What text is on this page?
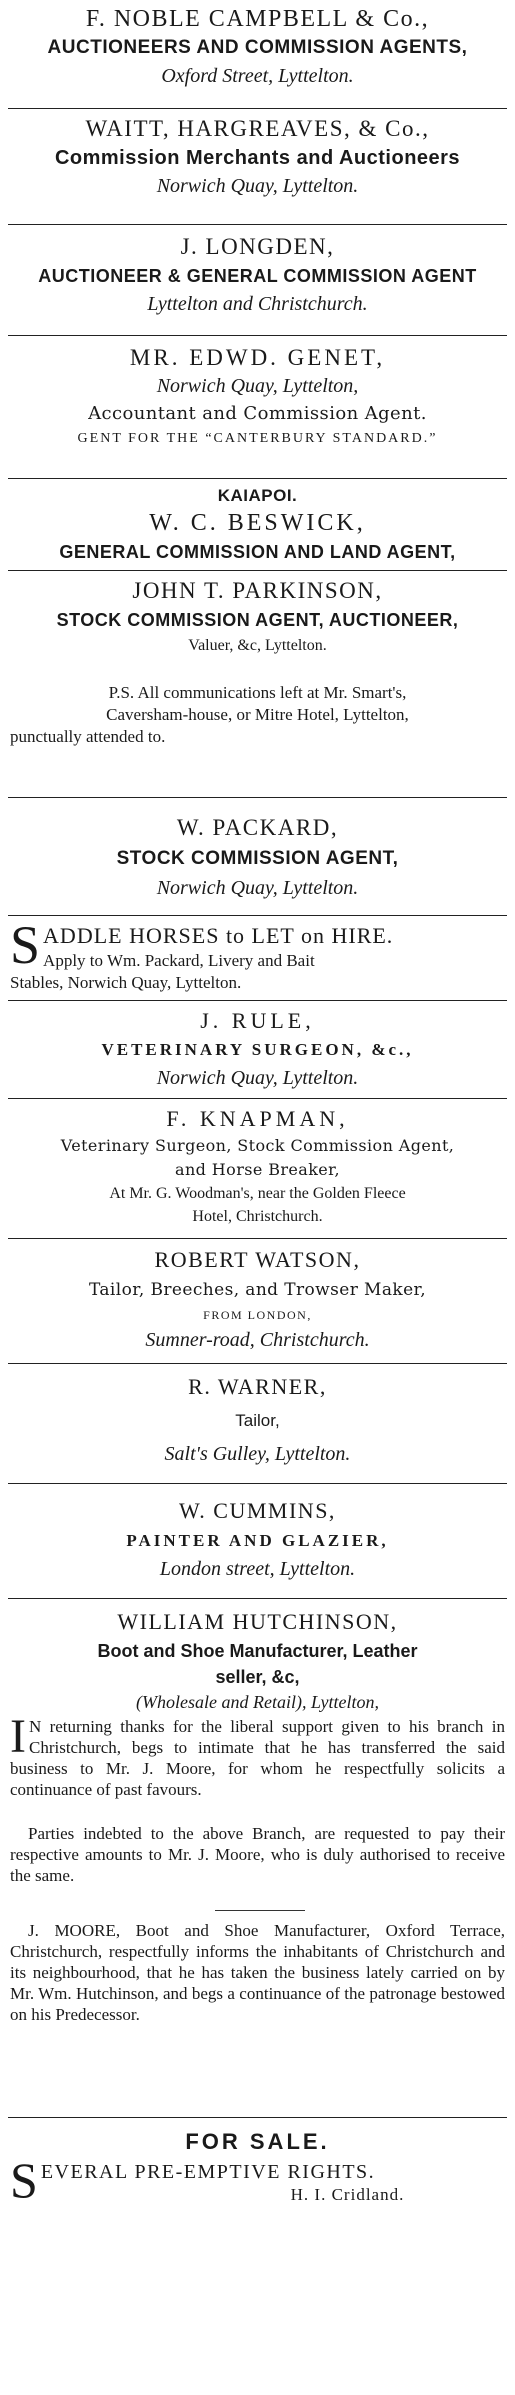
F. NOBLE CAMPBELL & Co.,
AUCTIONEERS AND COMMISSION AGENTS,
Oxford Street, Lyttelton.
WAITT, HARGREAVES, & Co.,
Commission Merchants and Auctioneers
Norwich Quay, Lyttelton.
J. LONGDEN,
AUCTIONEER & GENERAL COMMISSION AGENT
Lyttelton and Christchurch.
MR. EDWD. GENET,
Norwich Quay, Lyttelton,
Accountant and Commission Agent.
GENT FOR THE “CANTERBURY STANDARD.”
KAIAPOI.
W. C. BESWICK,
GENERAL COMMISSION AND LAND AGENT,
JOHN T. PARKINSON,
STOCK COMMISSION AGENT, AUCTIONEER,
Valuer, &c, Lyttelton.
P.S. All communications left at Mr. Smart's,
Caversham-house, or Mitre Hotel, Lyttelton,
punctually attended to.
W. PACKARD,
STOCK COMMISSION AGENT,
Norwich Quay, Lyttelton.
S ADDLE HORSES to LET on HIRE.
Apply to Wm. Packard, Livery and Bait
Stables, Norwich Quay, Lyttelton.
J. RULE,
VETERINARY SURGEON, &c.,
Norwich Quay, Lyttelton.
F. KNAPMAN,
Veterinary Surgeon, Stock Commission Agent,
and Horse Breaker,
At Mr. G. Woodman's, near the Golden Fleece
Hotel, Christchurch.
ROBERT WATSON,
Tailor, Breeches, and Trowser Maker,
FROM LONDON,
Sumner-road, Christchurch.
R. WARNER,
Tailor,
Salt's Gulley, Lyttelton.
W. CUMMINS,
PAINTER AND GLAZIER,
London street, Lyttelton.
WILLIAM HUTCHINSON,
Boot and Shoe Manufacturer, Leather
seller, &c,
(Wholesale and Retail), Lyttelton,
I N returning thanks for the liberal support given to his branch in Christchurch, begs to intimate that he has transferred the said business to Mr. J. Moore, for whom he respectfully solicits a continuance of past favours.
Parties indebted to the above Branch, are requested to pay their respective amounts to Mr. J. Moore, who is duly authorised to receive the same.
J. MOORE, Boot and Shoe Manufacturer, Oxford Terrace, Christchurch, respectfully informs the inhabitants of Christchurch and its neighbourhood, that he has taken the business lately carried on by Mr. Wm. Hutchinson, and begs a continuance of the patronage bestowed on his Predecessor.
FOR SALE.
S EVERAL PRE-EMPTIVE RIGHTS.
H. I. Cridland.
